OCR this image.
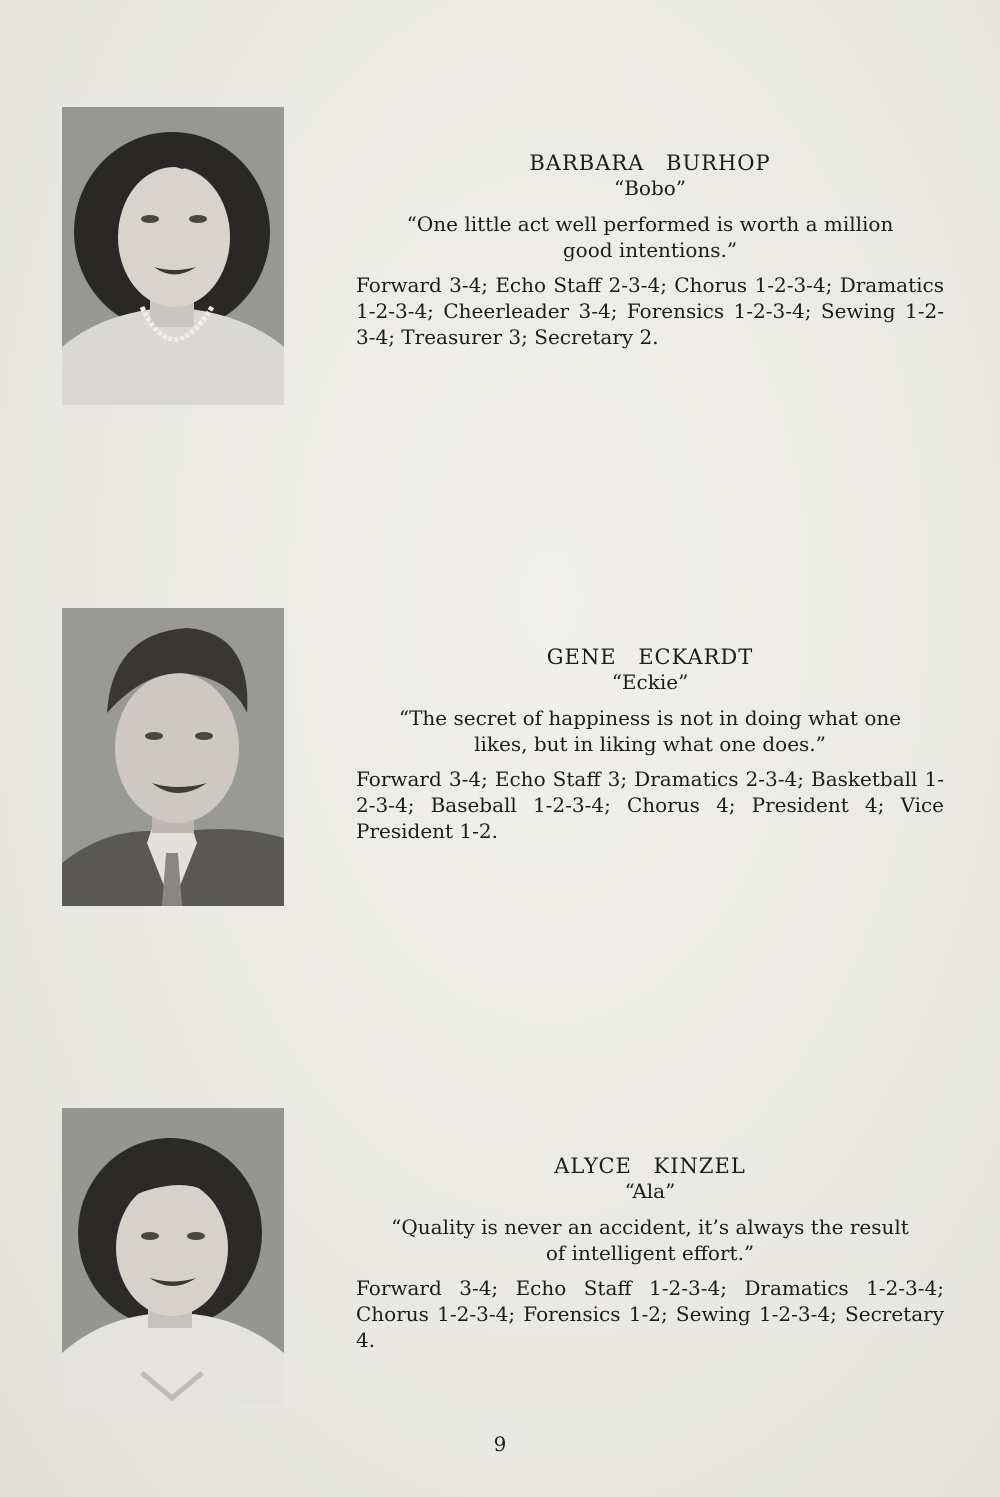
BARBARA BURHOP
“Bobo”
“One little act well performed is worth a million good intentions.”
Forward 3-4; Echo Staff 2-3-4; Chorus 1-2-3-4; Dramatics 1-2-3-4; Cheerleader 3-4; Forensics 1-2-3-4; Sewing 1-2-3-4; Treasurer 3; Secretary 2.
GENE ECKARDT
“Eckie”
“The secret of happiness is not in doing what one likes, but in liking what one does.”
Forward 3-4; Echo Staff 3; Dramatics 2-3-4; Basketball 1-2-3-4; Baseball 1-2-3-4; Chorus 4; President 4; Vice President 1-2.
ALYCE KINZEL
“Ala”
“Quality is never an accident, it’s always the result of intelligent effort.”
Forward 3-4; Echo Staff 1-2-3-4; Dramatics 1-2-3-4; Chorus 1-2-3-4; Forensics 1-2; Sewing 1-2-3-4; Secretary 4.
9
